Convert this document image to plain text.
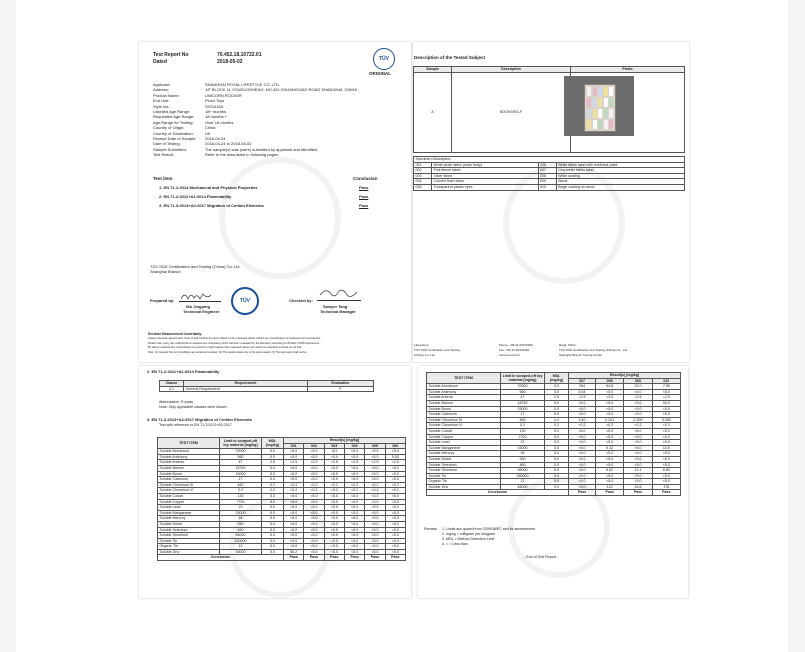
Test Report No	70.452.18.10722.01
Dated	2018-05-02	TÜV
ORIGINAL
Applicant:	SHANGHAI ROYAL LIFESTYLE CO.,LTD.
Address:	1/F BLOCK 11 YOUDUOSHENG, NO.401 CHUANGXIAO ROAD SHANGHAI, CHINA
Product Name:	UNICORN ROCKER
End Use:	Plush Toys
Style No.:	S0110165
Labelled Age Range:	18+ months
Requested Age Range:	18 months +
Age Range for Testing:	Over 18 months
Country of Origin:	China
Country of Destination:	UK
Receipt Date of Sample:	2018-04-24
Date of Testing:	2018-04-24 to 2018-05-02
Sample Submitted:	The sample(s) was (were) submitted by applicant and identified.
Test Result:	Refer to the data listed in following pages
Test item	Conclusion
1. EN 71-1:2014 Mechanical and Physical Properties	Pass
2. EN 71-2:2011+A1:2014 Flammability	Pass
3. EN 71-3:2013+A2:2017 Migration of Certain Elements	Pass
TÜV SÜD Certification and Testing (China) Co.,Ltd.
Shanghai Branch
Prepared by:
Wu Jingping
Technical Engineer
TÜV	Checked by:
Sawyer Tang
Technical Manager
Decision Measurement Uncertainty:
Unless otherwise agreed upon, Pass or Fail verdicts are given based on the measured values without any consideration of measurement uncertainties.
Please note, every test method has a measurement uncertainty which has been evaluated by the laboratory according to ISO/IEC 17025 requirement.
By taking measurement uncertainties into account it might happen that measured values can neither be assessed as Pass nor as Fail.
Note: (1) General Terms & Conditions as mentioned overleaf. (2) The results relate only to the items tested. (3) The test report shall not be
Description of the Tested Subject
Sample	Description	Photo
A	BOOKSHELF	
Specimen Description			
001	White plush fabric (main body)	006	White fabric label with red/black paint
002	Pink fleece fabric	007	Grey/white fabric label
003	Silver fabric	008	White seating
004	Colorful flush fabric	009	Wood
005	Transparent plastic eyes	010	Beige coating on wood
Laboratory:
TÜV SÜD Certification and Testing
(China) Co.,Ltd.
Phone: +86 21 60376300
Fax: +86 21 60376360
www.tuv-sud.cn
Regd. Office:
TÜV SÜD Certification and Testing (China) Co., Ltd.
Shanghai Branch Testing Center
2. EN 71-2:2011+A1:2014 Flammability
Clause	Requirement	Evaluation
4.1	General Requirement	P
Abbreviation: P=pass
Note: Only applicable clauses were shown.
3. EN 71-3:2013+A2:2017 Migration of Certain Elements
Test with reference to EN 71-3:2013+A2:2017
TEST ITEM	Limit in scraped-off toy material [mg/kg]	MDL [mg/kg]	Result(s) [mg/kg]					
			001	002	003	004	005	006
Soluble Aluminium	70000	5.0	<5.0	<5.0	131	<5.0	<5.0	<5.0
Soluble Antimony	560	5.0	<5.0	<5.0	<5.0	<5.0	<5.0	5.52
Soluble Arsenic	47	2.5	<2.5	<2.5	<2.5	<2.5	<2.5	<2.5
Soluble Barium	18750	5.0	<5.0	<5.0	<5.0	<5.0	<5.0	<5.0
Soluble Boron	15000	5.0	<5.0	<5.0	<5.0	<5.0	<5.0	<5.0
Soluble Cadmium	17	5.0	<5.0	<5.0	<5.0	<5.0	<5.0	<5.0
Soluble Chromium III	460	0.2	<0.2	<0.2	<0.2	<0.2	<0.2	<0.2
Soluble Chromium VI	0.2	0.2	<0.2	<0.2	<0.2	<0.2	<0.2	<0.2
Soluble Cobalt	130	5.0	<5.0	<5.0	<5.0	<5.0	<5.0	<5.0
Soluble Copper	7700	5.0	<5.0	<5.0	<5.0	<5.0	<5.0	<5.0
Soluble Lead	23	5.0	<5.0	<5.0	<5.0	<5.0	<5.0	<5.0
Soluble Manganese	15000	5.0	<5.0	<5.0	<5.0	<5.0	<5.0	<5.0
Soluble Mercury	94	5.0	<5.0	<5.0	<5.0	<5.0	<5.0	<5.0
Soluble Nickel	930	5.0	<5.0	<5.0	<5.0	<5.0	<5.0	<5.0
Soluble Selenium	460	5.0	<5.0	<5.0	<5.0	<5.0	<5.0	<5.0
Soluble Strontium	56000	5.0	<5.0	<5.0	<5.0	<5.0	<5.0	<5.0
Soluble Tin	180000	5.0	<5.0	<5.0	<5.0	<5.0	<5.0	<5.0
Organic Tin	12	5.0	<5.0	<5.0	<5.0	<5.0	<5.0	<5.0
Soluble Zinc	46000	5.0	56.2	<5.0	<5.0	<5.0	<5.0	<5.0
Conclusion			Pass	Pass	Pass	Pass	Pass	Pass
TEST ITEM	Limit in scraped-off toy material [mg/kg]	MDL [mg/kg]	Result(s) [mg/kg]			
			007	008	009	010
Soluble Aluminium	70000	5.0	394	54.8	22.0	7.95
Soluble Antimony	560	5.0	5.54	<5.0	<5.0	<5.0
Soluble Arsenic	47	2.5	<2.5	<2.5	<2.5	<2.5
Soluble Barium	18750	5.0	<5.0	<5.0	<5.0	54.3
Soluble Boron	15000	5.0	<5.0	<5.0	<5.0	<5.0
Soluble Cadmium	17	5.0	<5.0	<5.0	<5.0	<5.0
Soluble Chromium III	460	0.2	3.40	0.201	0.209	0.250
Soluble Chromium VI	0.2	0.2	<0.2	<0.2	<0.2	<0.2
Soluble Cobalt	130	5.0	<5.0	<5.0	<5.0	<5.0
Soluble Copper	7700	5.0	<5.0	<5.0	<5.0	<5.0
Soluble Lead	23	5.0	<5.0	<5.0	<5.0	<5.0
Soluble Manganese	15000	5.0	<5.0	5.12	<5.0	10.5
Soluble Mercury	94	5.0	<5.0	<5.0	<5.0	<5.0
Soluble Nickel	930	5.0	<5.0	<5.0	<5.0	<5.0
Soluble Selenium	460	5.0	<5.0	<5.0	<5.0	<5.0
Soluble Strontium	56000	5.0	<5.0	6.62	13.1	6.80
Soluble Tin	180000	5.0	<5.0	<5.0	<5.0	<5.0
Organic Tin	12	5.0	<5.0	<5.0	<5.0	<5.0
Soluble Zinc	46000	5.0	<5.0	124	15.6	176
Conclusion			Pass	Pass	Pass	Pass
Remark: 1. Limits are quoted from 2009/48/EC and its amendments
2. mg/kg = milligram per kilogram
3. MDL = Method Detection Limit
4. < = Less than
- End of Test Report -
